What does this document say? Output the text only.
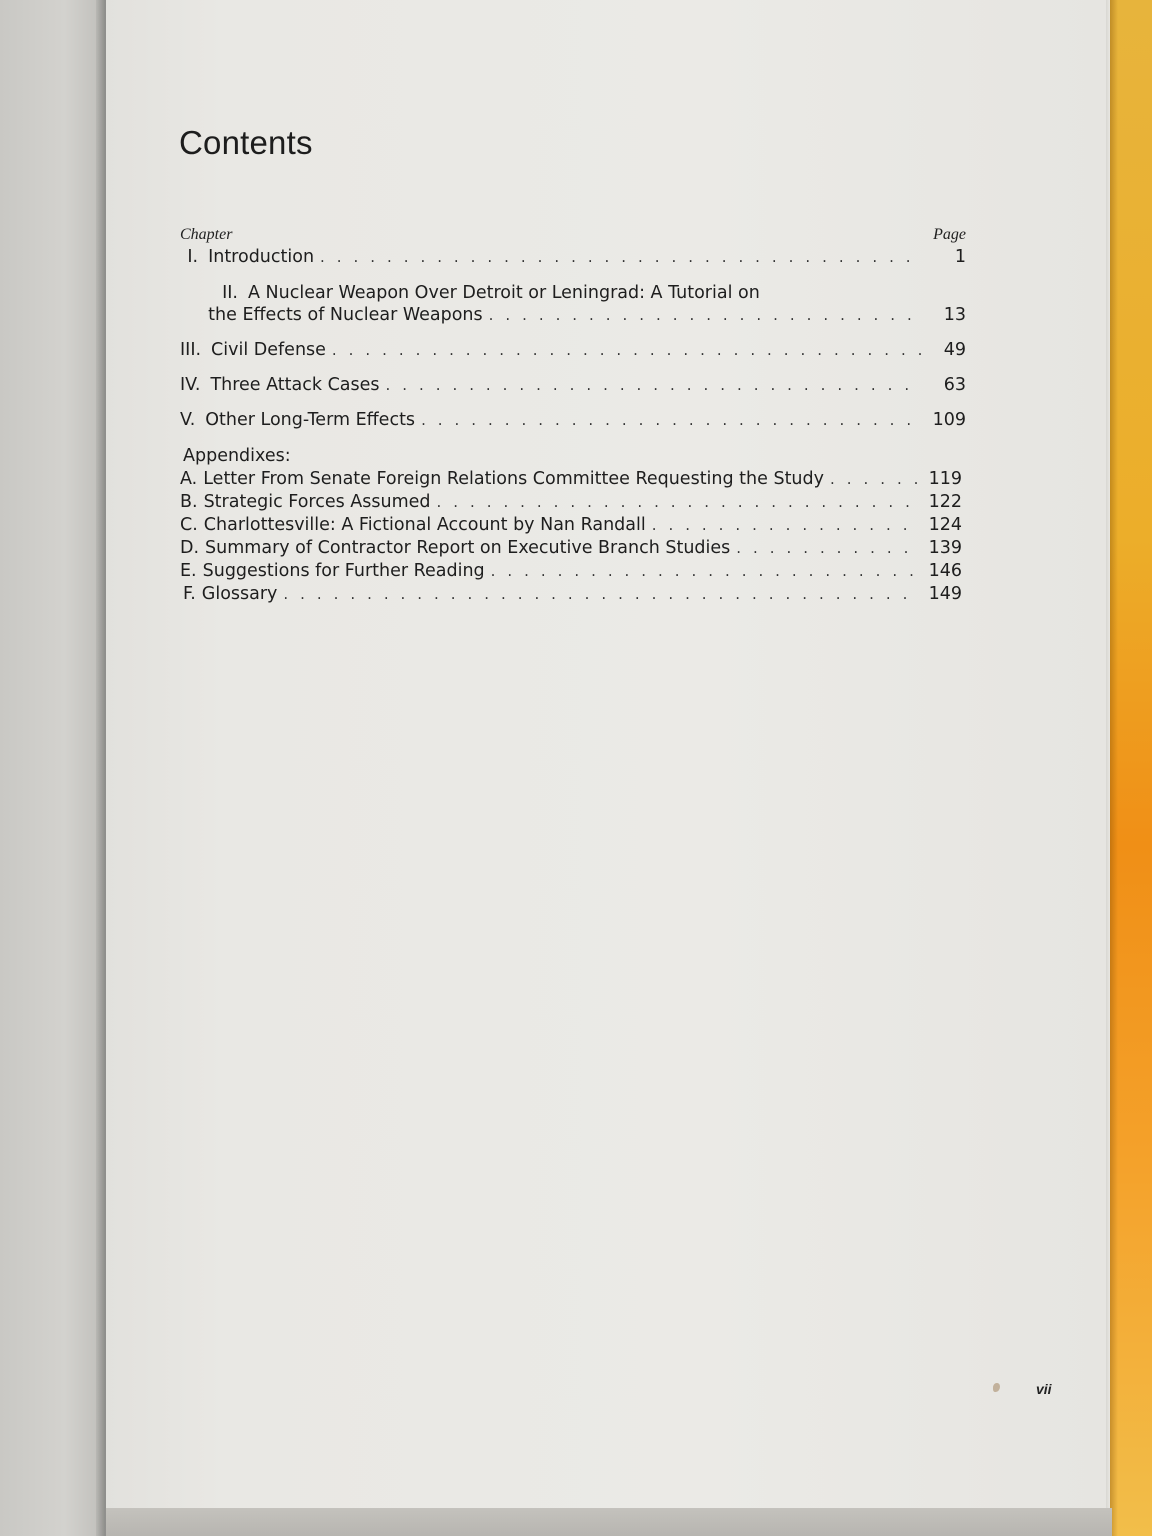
Contents
Chapter	Page
I. Introduction . . .	1
II. A Nuclear Weapon Over Detroit or Leningrad: A Tutorial on
the Effects of Nuclear Weapons . . .	13
III. Civil Defense . . .	49
IV. Three Attack Cases . . .	63
V. Other Long-Term Effects . . .	109
Appendixes:
A. Letter From Senate Foreign Relations Committee Requesting the Study . . .	119
B. Strategic Forces Assumed . . .	122
C. Charlottesville: A Fictional Account by Nan Randall . . .	124
D. Summary of Contractor Report on Executive Branch Studies . . .	139
E. Suggestions for Further Reading . . .	146
F. Glossary . . .	149
vii
